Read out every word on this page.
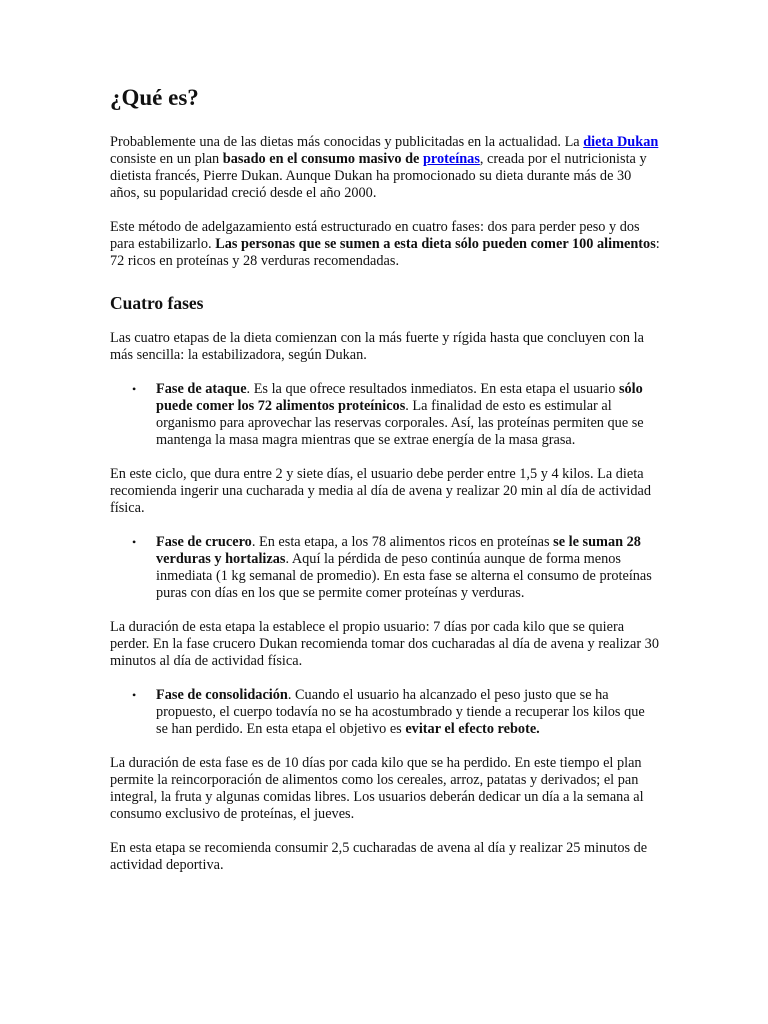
¿Qué es?

Probablemente una de las dietas más conocidas y publicitadas en la actualidad. La dieta Dukan consiste en un plan basado en el consumo masivo de proteínas, creada por el nutricionista y dietista francés, Pierre Dukan. Aunque Dukan ha promocionado su dieta durante más de 30 años, su popularidad creció desde el año 2000.

Este método de adelgazamiento está estructurado en cuatro fases: dos para perder peso y dos para estabilizarlo. Las personas que se sumen a esta dieta sólo pueden comer 100 alimentos: 72 ricos en proteínas y 28 verduras recomendadas.

Cuatro fases

Las cuatro etapas de la dieta comienzan con la más fuerte y rígida hasta que concluyen con la más sencilla: la estabilizadora, según Dukan.

• Fase de ataque. Es la que ofrece resultados inmediatos. En esta etapa el usuario sólo puede comer los 72 alimentos proteínicos. La finalidad de esto es estimular al organismo para aprovechar las reservas corporales. Así, las proteínas permiten que se mantenga la masa magra mientras que se extrae energía de la masa grasa.

En este ciclo, que dura entre 2 y siete días, el usuario debe perder entre 1,5 y 4 kilos. La dieta recomienda ingerir una cucharada y media al día de avena y realizar 20 min al día de actividad física.

• Fase de crucero. En esta etapa, a los 78 alimentos ricos en proteínas se le suman 28 verduras y hortalizas. Aquí la pérdida de peso continúa aunque de forma menos inmediata (1 kg semanal de promedio). En esta fase se alterna el consumo de proteínas puras con días en los que se permite comer proteínas y verduras.

La duración de esta etapa la establece el propio usuario: 7 días por cada kilo que se quiera perder. En la fase crucero Dukan recomienda tomar dos cucharadas al día de avena y realizar 30 minutos al día de actividad física.

• Fase de consolidación. Cuando el usuario ha alcanzado el peso justo que se ha propuesto, el cuerpo todavía no se ha acostumbrado y tiende a recuperar los kilos que se han perdido. En esta etapa el objetivo es evitar el efecto rebote.

La duración de esta fase es de 10 días por cada kilo que se ha perdido. En este tiempo el plan permite la reincorporación de alimentos como los cereales, arroz, patatas y derivados; el pan integral, la fruta y algunas comidas libres. Los usuarios deberán dedicar un día a la semana al consumo exclusivo de proteínas, el jueves.

En esta etapa se recomienda consumir 2,5 cucharadas de avena al día y realizar 25 minutos de actividad deportiva.
